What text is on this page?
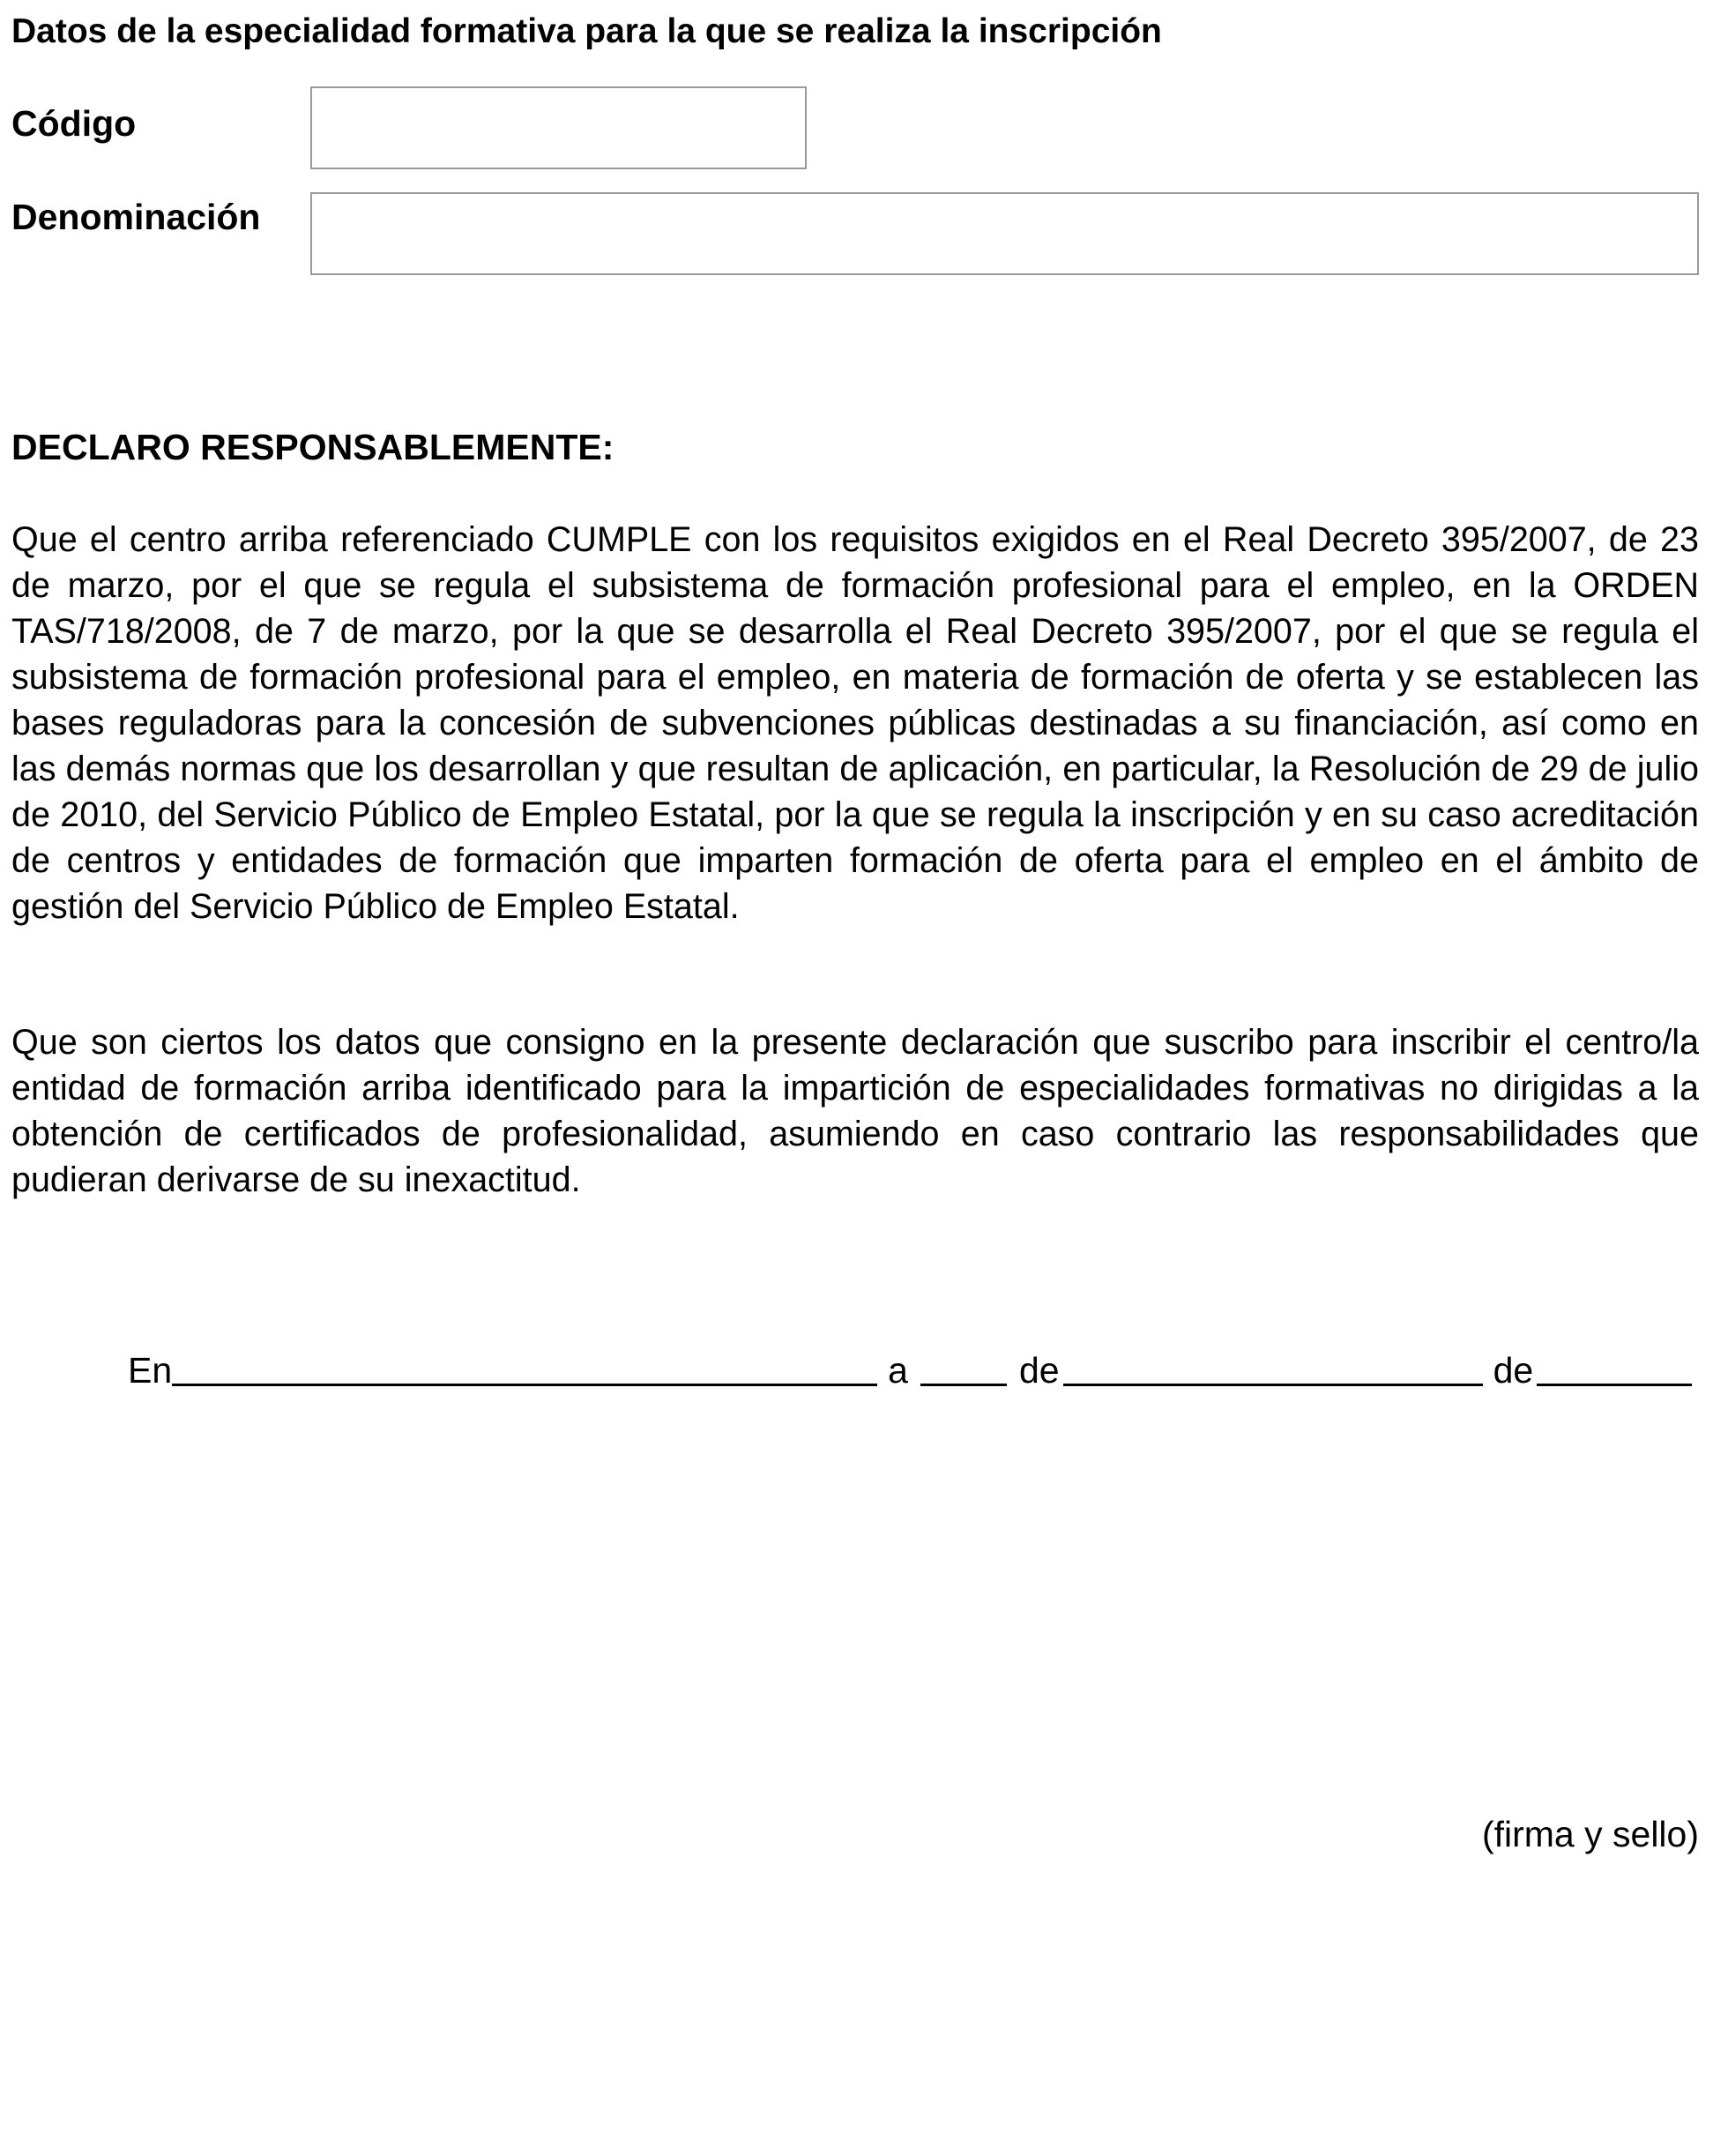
Datos de la especialidad formativa para la que se realiza la inscripción
Código
Denominación
DECLARO RESPONSABLEMENTE:

Que el centro arriba referenciado CUMPLE con los requisitos exigidos en el Real Decreto 395/2007, de 23 de marzo, por el que se regula el subsistema de formación profesional para el empleo, en la ORDEN TAS/718/2008, de 7 de marzo, por la que se desarrolla el Real Decreto 395/2007, por el que se regula el subsistema de formación profesional para el empleo, en materia de formación de oferta y se establecen las bases reguladoras para la concesión de subvenciones públicas destinadas a su financiación, así como en las demás normas que los desarrollan y que resultan de aplicación, en particular, la Resolución de 29 de julio de 2010, del Servicio Público de Empleo Estatal, por la que se regula la inscripción y en su caso acreditación de centros y entidades de formación que imparten formación de oferta para el empleo en el ámbito de gestión del Servicio Público de Empleo Estatal.

Que son ciertos los datos que consigno en la presente declaración que suscribo para inscribir el centro/la entidad de formación arriba identificado para la impartición de especialidades formativas no dirigidas a la obtención de certificados de profesionalidad, asumiendo en caso contrario las responsabilidades que pudieran derivarse de su inexactitud.

En	a	de	de
(firma y sello)
